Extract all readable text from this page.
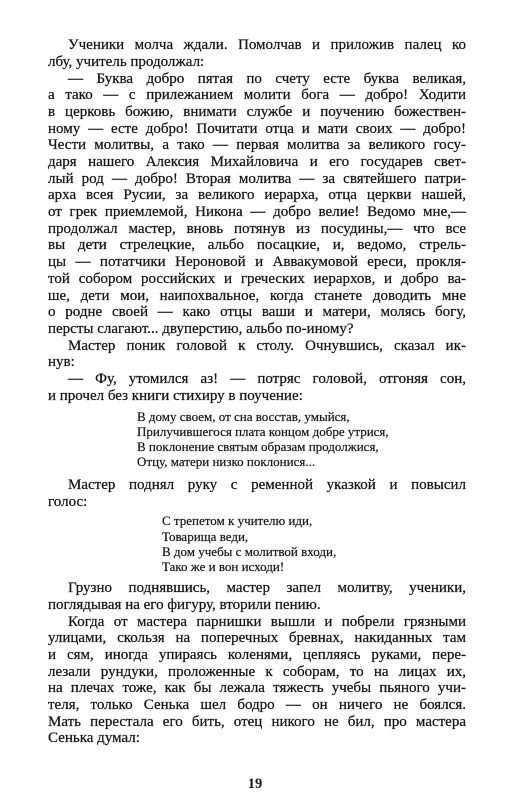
Ученики молча ждали. Помолчав и приложив палец ко
лбу, учитель продолжал:
— Буква добро пятая по счету есте буква великая,
а тако — с прилежанием молити бога — добро! Ходити
в церковь божию, внимати службе и поучению божествен-
ному — есте добро! Почитати отца и мати своих — добро!
Чести молитвы, а тако — первая молитва за великого госу-
даря нашего Алексия Михайловича и его государев свет-
лый род — добро! Вторая молитва — за святейшего патри-
арха всея Русии, за великого иерарха, отца церкви нашей,
от грек приемлемой, Никона — добро велие! Ведомо мне,—
продолжал мастер, вновь потянув из посудины,— что все
вы дети стрелецкие, альбо посацкие, и, ведомо, стрель-
цы — потатчики Нероновой и Аввакумовой ереси, прокля-
той собором российских и греческих иерархов, и добро ва-
ше, дети мои, наипохвальное, когда станете доводить мне
о родне своей — како отцы ваши и матери, молясь богу,
персты слагают... двуперстию, альбо по-иному?
Мастер поник головой к столу. Очнувшись, сказал ик-
нув:
— Фу, утомился аз! — потряс головой, отгоняя сон,
и прочел без книги стихиру в поучение:
В дому своем, от сна восстав, умыйся,
Прилучившегося плата концом добре утрися,
В поклонение святым образам продолжися,
Отцу, матери низко поклонися...
Мастер поднял руку с ременной указкой и повысил
голос:
С трепетом к учителю иди,
Товарища веди,
В дом учебы с молитвой входи,
Тако же и вон исходи!
Грузно поднявшись, мастер запел молитву, ученики,
поглядывая на его фигуру, вторили пению.
Когда от мастера парнишки вышли и побрели грязными
улицами, скользя на поперечных бревнах, накиданных там
и сям, иногда упираясь коленями, цепляясь руками, пере-
лезали рундуки, проложенные к соборам, то на лицах их,
на плечах тоже, как бы лежала тяжесть учебы пьяного учи-
теля, только Сенька шел бодро — он ничего не боялся.
Мать перестала его бить, отец никого не бил, про мастера
Сенька думал:
19
